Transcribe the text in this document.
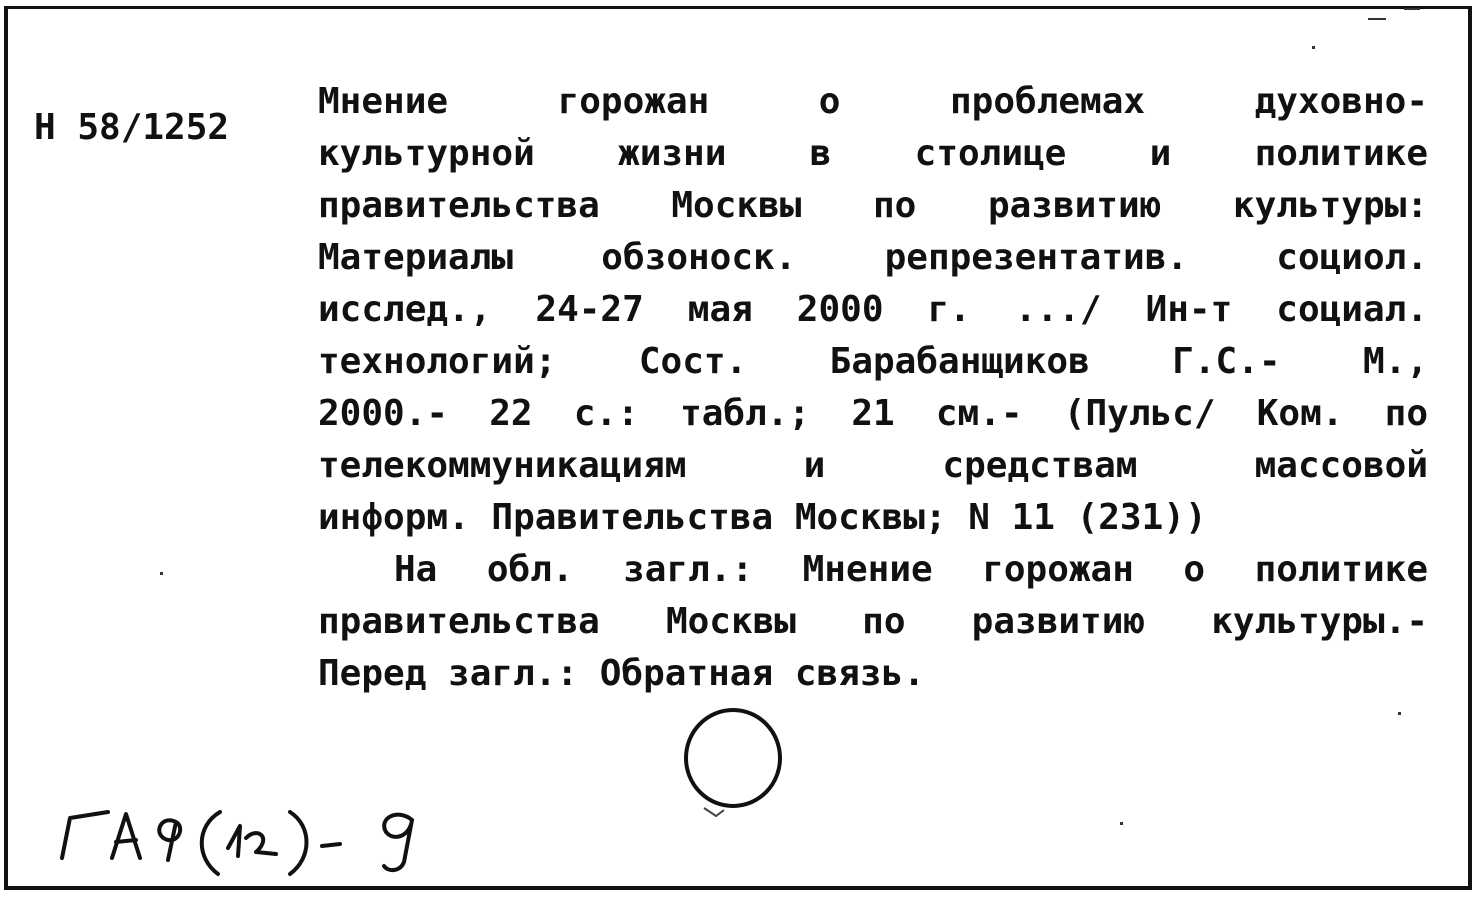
Н 58/1252
Мнение горожан о проблемах духовно-
культурной жизни в столице и политике
правительства Москвы по развитию культуры:
Материалы обзоноск. репрезентатив. социол.
исслед., 24-27 мая 2000 г. .../ Ин-т социал.
технологий; Сост. Барабанщиков Г.С.- М.,
2000.- 22 с.: табл.; 21 см.- (Пульс/ Ком. по
телекоммуникациям и средствам массовой
информ. Правительства Москвы; N 11 (231))
На обл. загл.: Мнение горожан о политике
правительства Москвы по развитию культуры.-
Перед загл.: Обратная связь.
